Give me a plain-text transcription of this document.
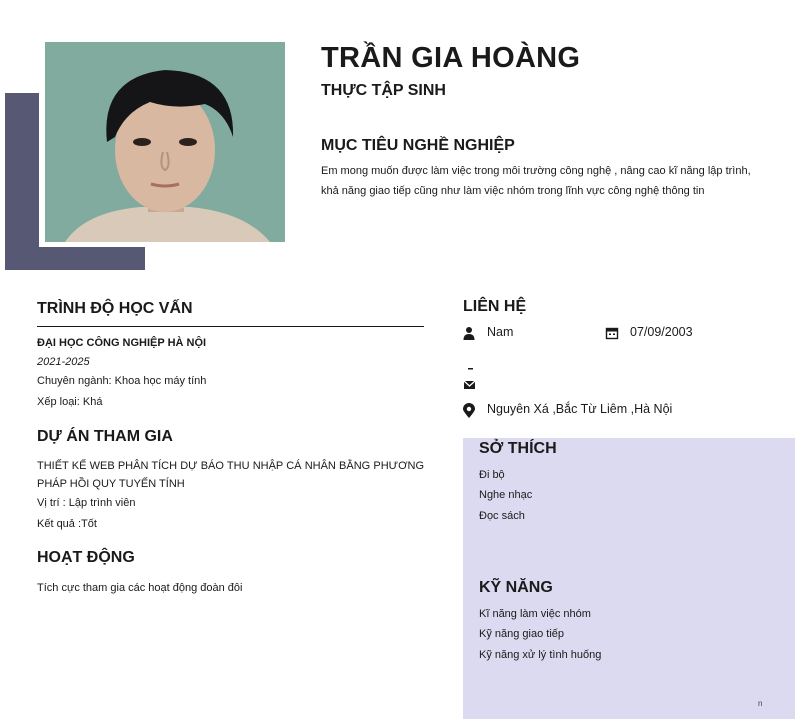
TRẦN GIA HOÀNG
THỰC TẬP SINH
MỤC TIÊU NGHỀ NGHIỆP
Em mong muốn được làm việc trong môi trường công nghệ , nâng cao kĩ năng lập trình, khả năng giao tiếp cũng như làm việc nhóm trong lĩnh vực công nghệ thông tin
TRÌNH ĐỘ HỌC VẤN
ĐẠI HỌC CÔNG NGHIỆP HÀ NỘI
2021-2025
Chuyên ngành: Khoa học máy tính
Xếp loại: Khá
DỰ ÁN THAM GIA
THIẾT KẾ WEB PHÂN TÍCH DỰ BÁO THU NHẬP CÁ NHÂN BẰNG PHƯƠNG PHÁP HỒI QUY TUYẾN TÍNH
Vị trí : Lập trình viên
Kết quả :Tốt
HOẠT ĐỘNG
Tích cực tham gia các hoạt động đoàn đôi
LIÊN HỆ
Nam	07/09/2003
Nguyên Xá ,Bắc Từ Liêm ,Hà Nội
SỞ THÍCH
Đi bộ
Nghe nhạc
Đọc sách
KỸ NĂNG
Kĩ năng làm việc nhóm
Kỹ năng giao tiếp
Kỹ năng xử lý tình huống
n
